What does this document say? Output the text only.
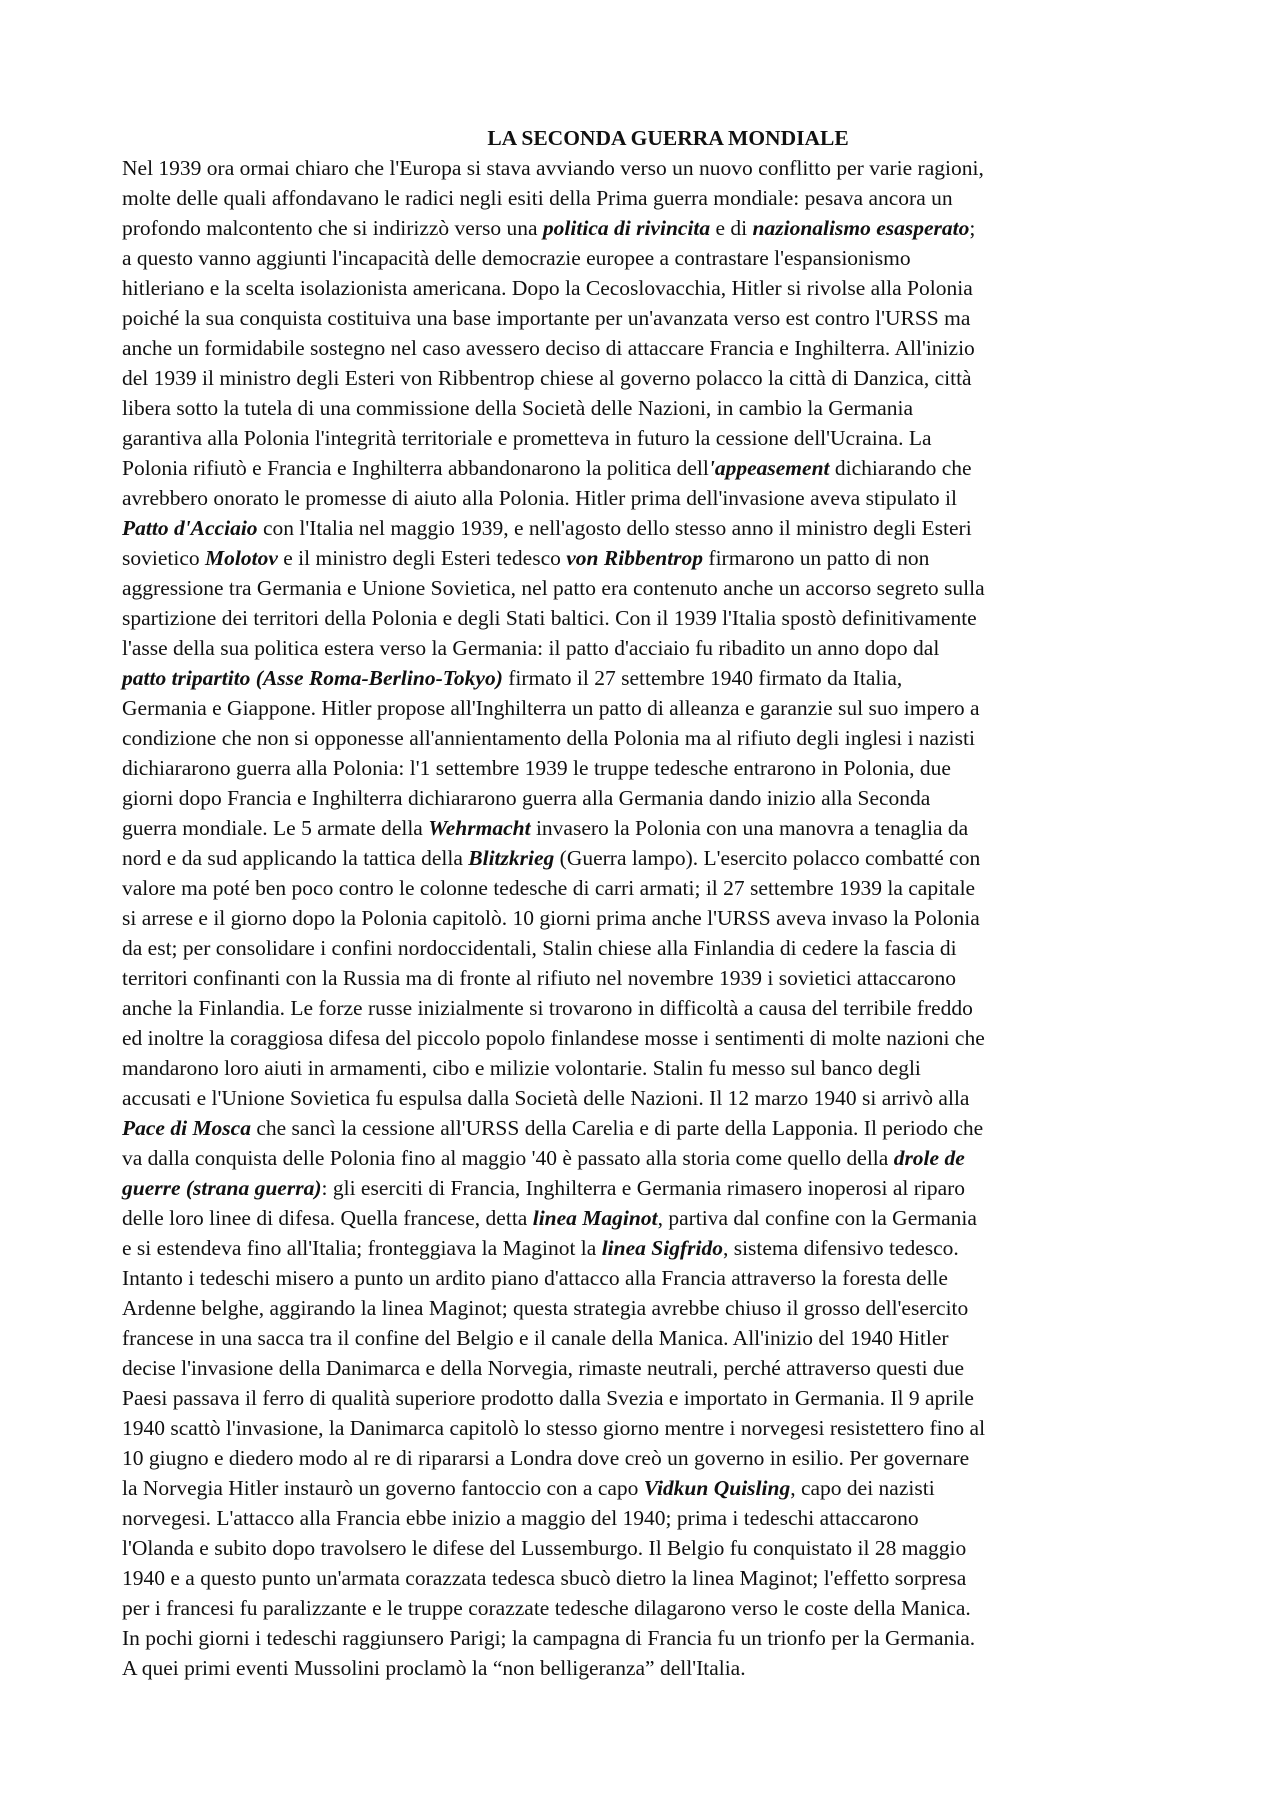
LA SECONDA GUERRA MONDIALE
Nel 1939 ora ormai chiaro che l'Europa si stava avviando verso un nuovo conflitto per varie ragioni,
molte delle quali affondavano le radici negli esiti della Prima guerra mondiale: pesava ancora un
profondo malcontento che si indirizzò verso una politica di rivincita e di nazionalismo esasperato;
a questo vanno aggiunti l'incapacità delle democrazie europee a contrastare l'espansionismo
hitleriano e la scelta isolazionista americana. Dopo la Cecoslovacchia, Hitler si rivolse alla Polonia
poiché la sua conquista costituiva una base importante per un'avanzata verso est contro l'URSS ma
anche un formidabile sostegno nel caso avessero deciso di attaccare Francia e Inghilterra. All'inizio
del 1939 il ministro degli Esteri von Ribbentrop chiese al governo polacco la città di Danzica, città
libera sotto la tutela di una commissione della Società delle Nazioni, in cambio la Germania
garantiva alla Polonia l'integrità territoriale e prometteva in futuro la cessione dell'Ucraina. La
Polonia rifiutò e Francia e Inghilterra abbandonarono la politica dell'appeasement dichiarando che
avrebbero onorato le promesse di aiuto alla Polonia. Hitler prima dell'invasione aveva stipulato il
Patto d'Acciaio con l'Italia nel maggio 1939, e nell'agosto dello stesso anno il ministro degli Esteri
sovietico Molotov e il ministro degli Esteri tedesco von Ribbentrop firmarono un patto di non
aggressione tra Germania e Unione Sovietica, nel patto era contenuto anche un accorso segreto sulla
spartizione dei territori della Polonia e degli Stati baltici. Con il 1939 l'Italia spostò definitivamente
l'asse della sua politica estera verso la Germania: il patto d'acciaio fu ribadito un anno dopo dal
patto tripartito (Asse Roma-Berlino-Tokyo) firmato il 27 settembre 1940 firmato da Italia,
Germania e Giappone. Hitler propose all'Inghilterra un patto di alleanza e garanzie sul suo impero a
condizione che non si opponesse all'annientamento della Polonia ma al rifiuto degli inglesi i nazisti
dichiararono guerra alla Polonia: l'1 settembre 1939 le truppe tedesche entrarono in Polonia, due
giorni dopo Francia e Inghilterra dichiararono guerra alla Germania dando inizio alla Seconda
guerra mondiale. Le 5 armate della Wehrmacht invasero la Polonia con una manovra a tenaglia da
nord e da sud applicando la tattica della Blitzkrieg (Guerra lampo). L'esercito polacco combatté con
valore ma poté ben poco contro le colonne tedesche di carri armati; il 27 settembre 1939 la capitale
si arrese e il giorno dopo la Polonia capitolò. 10 giorni prima anche l'URSS aveva invaso la Polonia
da est; per consolidare i confini nordoccidentali, Stalin chiese alla Finlandia di cedere la fascia di
territori confinanti con la Russia ma di fronte al rifiuto nel novembre 1939 i sovietici attaccarono
anche la Finlandia. Le forze russe inizialmente si trovarono in difficoltà a causa del terribile freddo
ed inoltre la coraggiosa difesa del piccolo popolo finlandese mosse i sentimenti di molte nazioni che
mandarono loro aiuti in armamenti, cibo e milizie volontarie. Stalin fu messo sul banco degli
accusati e l'Unione Sovietica fu espulsa dalla Società delle Nazioni. Il 12 marzo 1940 si arrivò alla
Pace di Mosca che sancì la cessione all'URSS della Carelia e di parte della Lapponia. Il periodo che
va dalla conquista delle Polonia fino al maggio '40 è passato alla storia come quello della drole de
guerre (strana guerra): gli eserciti di Francia, Inghilterra e Germania rimasero inoperosi al riparo
delle loro linee di difesa. Quella francese, detta linea Maginot, partiva dal confine con la Germania
e si estendeva fino all'Italia; fronteggiava la Maginot la linea Sigfrido, sistema difensivo tedesco.
Intanto i tedeschi misero a punto un ardito piano d'attacco alla Francia attraverso la foresta delle
Ardenne belghe, aggirando la linea Maginot; questa strategia avrebbe chiuso il grosso dell'esercito
francese in una sacca tra il confine del Belgio e il canale della Manica. All'inizio del 1940 Hitler
decise l'invasione della Danimarca e della Norvegia, rimaste neutrali, perché attraverso questi due
Paesi passava il ferro di qualità superiore prodotto dalla Svezia e importato in Germania. Il 9 aprile
1940 scattò l'invasione, la Danimarca capitolò lo stesso giorno mentre i norvegesi resistettero fino al
10 giugno e diedero modo al re di ripararsi a Londra dove creò un governo in esilio. Per governare
la Norvegia Hitler instaurò un governo fantoccio con a capo Vidkun Quisling, capo dei nazisti
norvegesi. L'attacco alla Francia ebbe inizio a maggio del 1940; prima i tedeschi attaccarono
l'Olanda e subito dopo travolsero le difese del Lussemburgo. Il Belgio fu conquistato il 28 maggio
1940 e a questo punto un'armata corazzata tedesca sbucò dietro la linea Maginot; l'effetto sorpresa
per i francesi fu paralizzante e le truppe corazzate tedesche dilagarono verso le coste della Manica.
In pochi giorni i tedeschi raggiunsero Parigi; la campagna di Francia fu un trionfo per la Germania.
A quei primi eventi Mussolini proclamò la “non belligeranza” dell'Italia.
